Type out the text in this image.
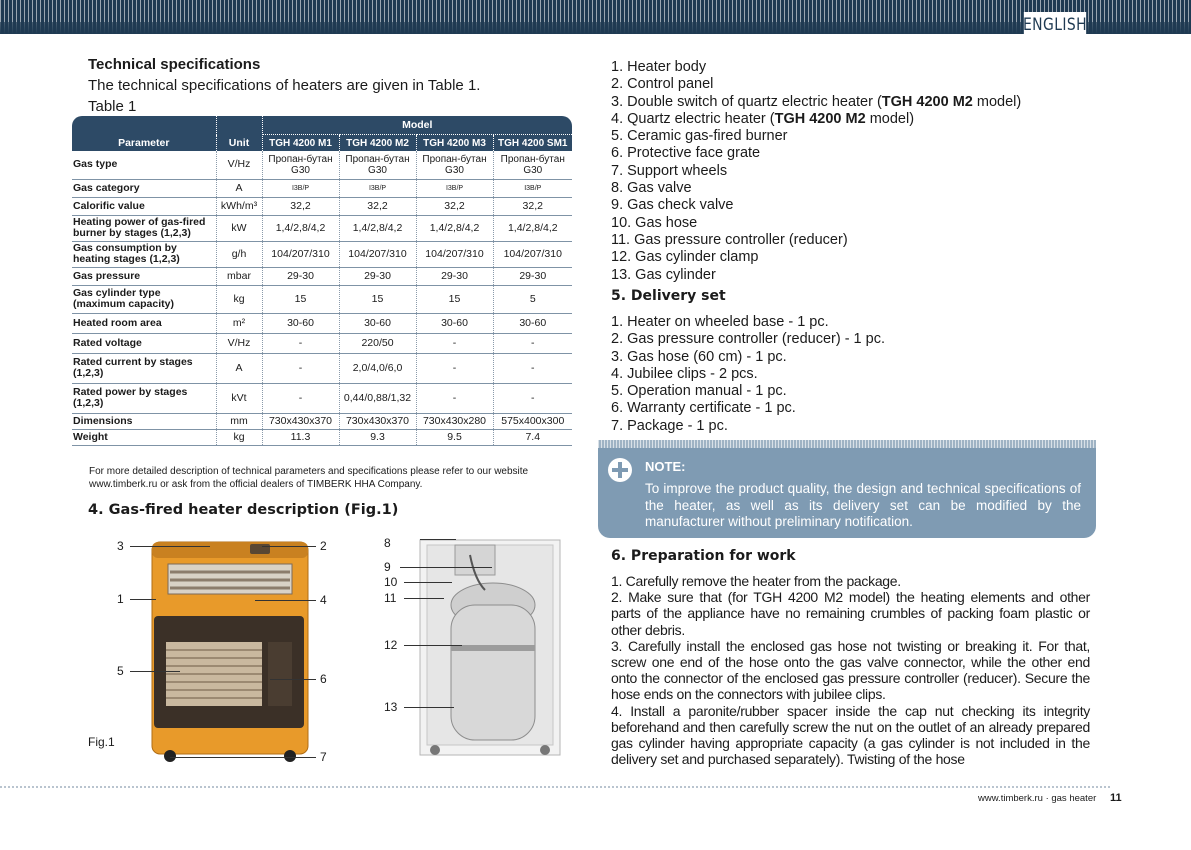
ENGLISH
Technical specifications
The technical specifications of heaters are given in Table 1.
Table 1
Parameter	Unit	Model			
		TGH 4200 M1	TGH 4200 M2	TGH 4200 M3	TGH 4200 SM1
Gas type	V/Hz	Пропан-бутан G30	Пропан-бутан G30	Пропан-бутан G30	Пропан-бутан G30
Gas category	A	I3B/P	I3B/P	I3B/P	I3B/P
Calorific value	kWh/m³	32,2	32,2	32,2	32,2
Heating power of gas-fired burner by stages (1,2,3)	kW	1,4/2,8/4,2	1,4/2,8/4,2	1,4/2,8/4,2	1,4/2,8/4,2
Gas consumption by heating stages (1,2,3)	g/h	104/207/310	104/207/310	104/207/310	104/207/310
Gas pressure	mbar	29-30	29-30	29-30	29-30
Gas cylinder type (maximum capacity)	kg	15	15	15	5
Heated room area	m²	30-60	30-60	30-60	30-60
Rated voltage	V/Hz	-	220/50	-	-
Rated current by stages (1,2,3)	A	-	2,0/4,0/6,0	-	-
Rated power by stages (1,2,3)	kVt	-	0,44/0,88/1,32	-	-
Dimensions	mm	730x430x370	730x430x370	730x430x280	575x400x300
Weight	kg	11.3	9.3	9.5	7.4
For more detailed description of technical parameters and specifications please refer to our website www.timberk.ru or ask from the official dealers of TIMBERK HHA Company.
4. Gas-fired heater description (Fig.1)
3
1
5
2
4
6
7
Fig.1
8
9
10
11
12
13
1. Heater body
2. Control panel
3. Double switch of quartz electric heater (TGH 4200 M2 model)
4. Quartz electric heater (TGH 4200 M2 model)
5. Ceramic gas-fired burner
6. Protective face grate
7. Support wheels
8. Gas valve
9. Gas check valve
10. Gas hose
11. Gas pressure controller (reducer)
12. Gas cylinder clamp
13. Gas cylinder
5. Delivery set
1. Heater on wheeled base - 1 pc.
2. Gas pressure controller (reducer) - 1 pc.
3. Gas hose (60 cm) - 1 pc.
4. Jubilee clips - 2 pcs.
5. Operation manual - 1 pc.
6. Warranty certificate - 1 pc.
7. Package - 1 pc.
NOTE:
To improve the product quality, the design and technical specifications of the heater, as well as its delivery set can be modified by the manufacturer without preliminary notification.
6. Preparation for work
1. Carefully remove the heater from the package.
2. Make sure that (for TGH 4200 M2 model) the heating elements and other parts of the appliance have no remaining crumbles of packing foam plastic or other debris.
3. Carefully install the enclosed gas hose not twisting or breaking it. For that, screw one end of the hose onto the gas valve connector, while the other end onto the connector of the enclosed gas pressure controller (reducer). Secure the hose ends on the connectors with jubilee clips.
4. Install a paronite/rubber spacer inside the cap nut checking its integrity beforehand and then carefully screw the nut on the outlet of an already prepared gas cylinder having appropriate capacity (a gas cylinder is not included in the delivery set and purchased separately). Twisting of the hose
www.timberk.ru · gas heater 11
